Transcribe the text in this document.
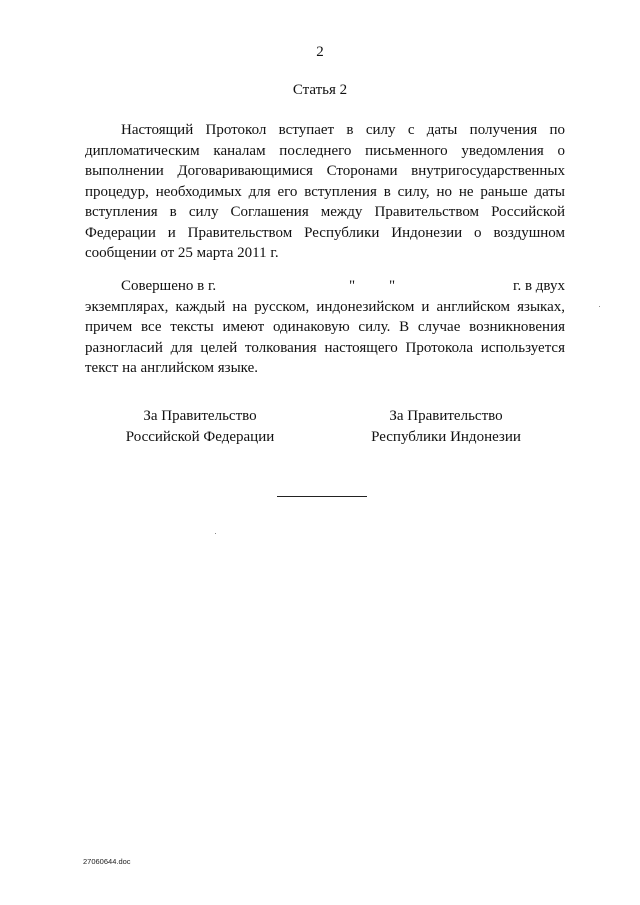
2
Статья 2

Настоящий Протокол вступает в силу с даты получения по дипломатическим каналам последнего письменного уведомления о выполнении Договаривающимися Сторонами внутригосударственных процедур, необходимых для его вступления в силу, но не раньше даты вступления в силу Соглашения между Правительством Российской Федерации и Правительством Республики Индонезии о воздушном сообщении от 25 марта 2011 г.

Совершено в г.	" "	г. в двух

экземплярах, каждый на русском, индонезийском и английском языках, причем все тексты имеют одинаковую силу. В случае возникновения разногласий для целей толкования настоящего Протокола используется текст на английском языке.

За Правительство
Российской Федерации
За Правительство
Республики Индонезии
27060644.doc
